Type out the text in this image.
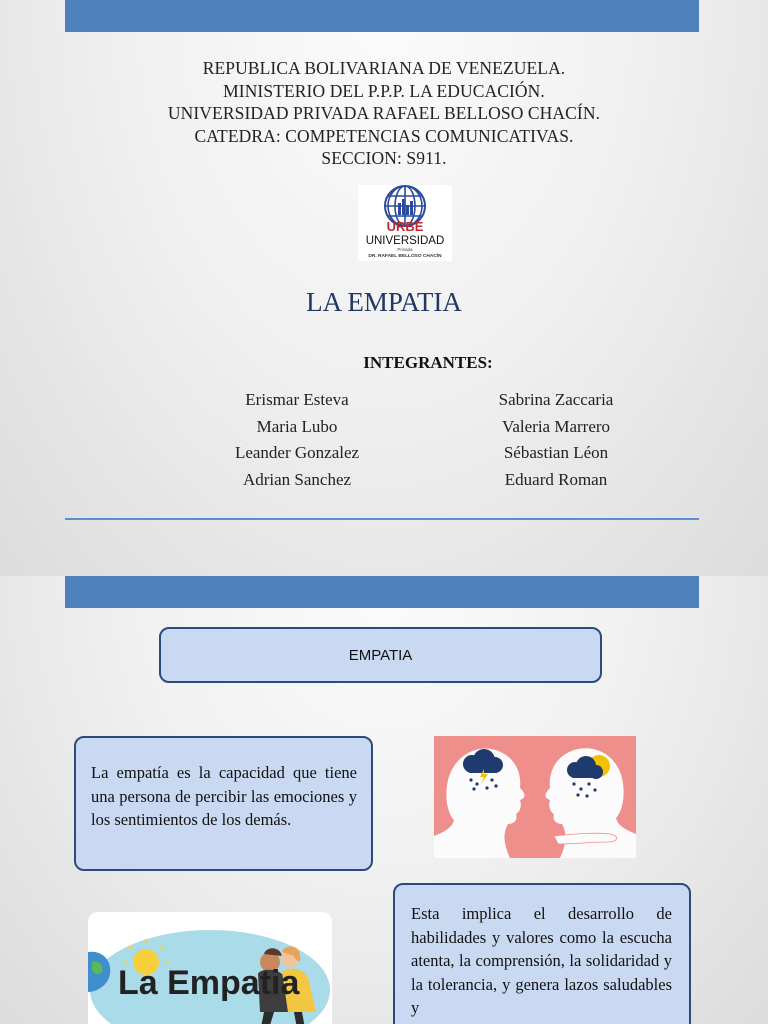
REPUBLICA BOLIVARIANA DE VENEZUELA.
MINISTERIO DEL P.P.P. LA EDUCACIÓN.
UNIVERSIDAD PRIVADA RAFAEL BELLOSO CHACÍN.
CATEDRA: COMPETENCIAS COMUNICATIVAS.
SECCION: S911.
URBE
UNIVERSIDAD
Privada
DR. RAFAEL BELLOSO CHACÍN
LA EMPATIA
INTEGRANTES:
Erismar Esteva
Maria Lubo
Leander Gonzalez
Adrian Sanchez
Sabrina Zaccaria
Valeria Marrero
Sébastian Léon
Eduard Roman
EMPATIA
La empatía es la capacidad que tiene una persona de percibir las emociones y los sentimientos de los demás.
Esta implica el desarrollo de habilidades y valores como la escucha atenta, la comprensión, la solidaridad y la tolerancia, y genera lazos saludables y
La Empatia
